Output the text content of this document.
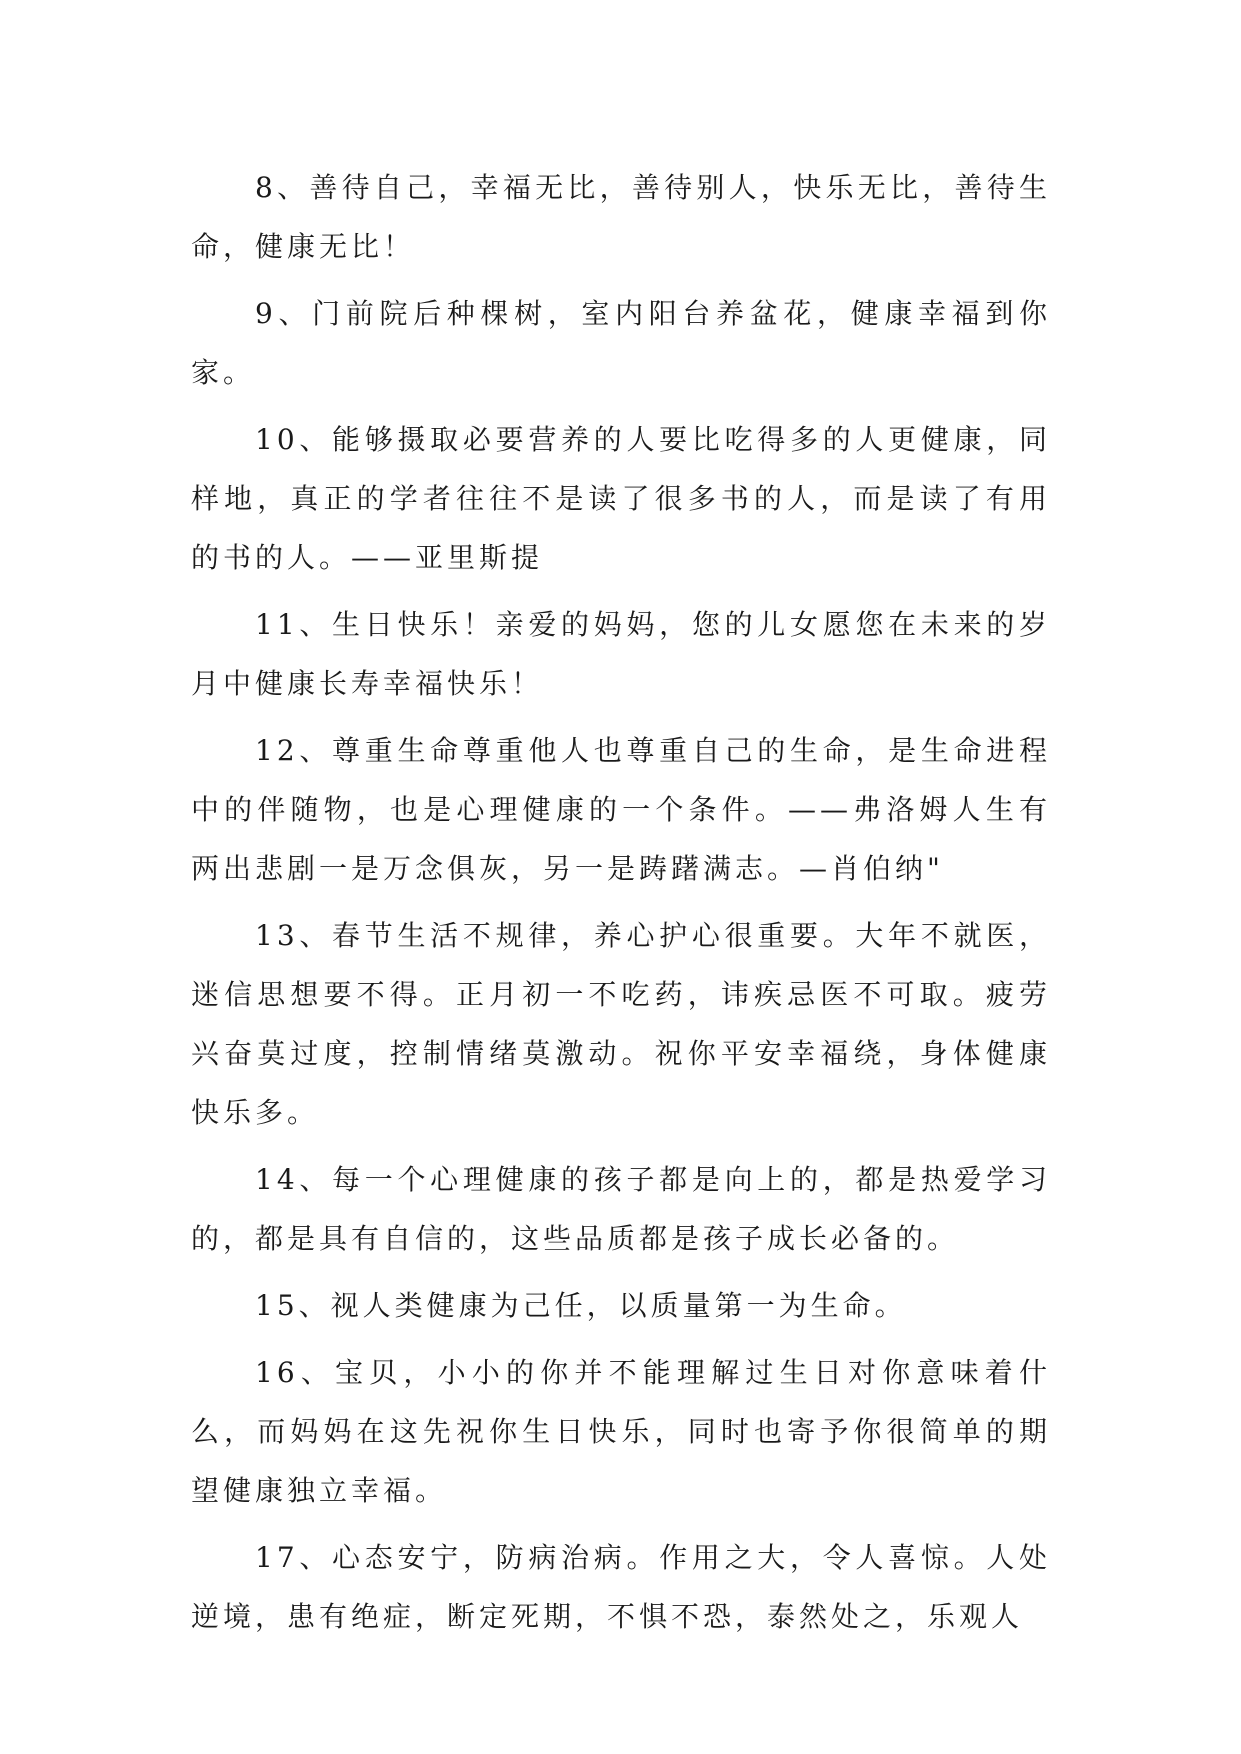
8、善待自己，幸福无比，善待别人，快乐无比，善待生命，健康无比！

9、门前院后种棵树，室内阳台养盆花，健康幸福到你家。

10、能够摄取必要营养的人要比吃得多的人更健康，同样地，真正的学者往往不是读了很多书的人，而是读了有用的书的人。——亚里斯提

11、生日快乐！亲爱的妈妈，您的儿女愿您在未来的岁月中健康长寿幸福快乐！

12、尊重生命尊重他人也尊重自己的生命，是生命进程中的伴随物，也是心理健康的一个条件。——弗洛姆人生有两出悲剧一是万念俱灰，另一是踌躇满志。—肖伯纳"

13、春节生活不规律，养心护心很重要。大年不就医，迷信思想要不得。正月初一不吃药，讳疾忌医不可取。疲劳兴奋莫过度，控制情绪莫激动。祝你平安幸福绕，身体健康快乐多。

14、每一个心理健康的孩子都是向上的，都是热爱学习的，都是具有自信的，这些品质都是孩子成长必备的。

15、视人类健康为己任，以质量第一为生命。

16、宝贝，小小的你并不能理解过生日对你意味着什么，而妈妈在这先祝你生日快乐，同时也寄予你很简单的期望健康独立幸福。

17、心态安宁，防病治病。作用之大，令人喜惊。人处逆境，患有绝症，断定死期，不惧不恐，泰然处之，乐观人
